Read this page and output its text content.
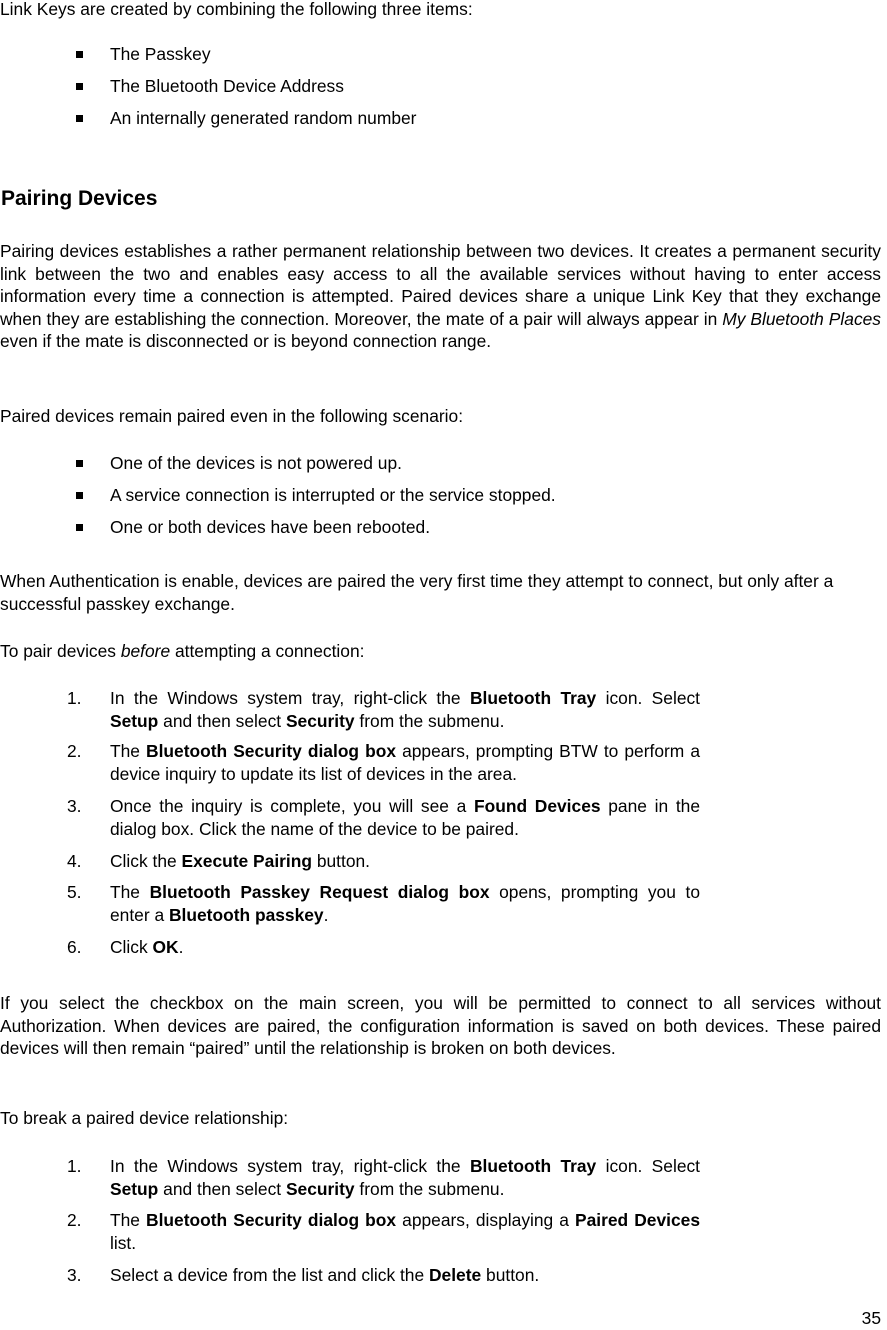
Link Keys are created by combining the following three items:

The Passkey
The Bluetooth Device Address
An internally generated random number
Pairing Devices

Pairing devices establishes a rather permanent relationship between two devices. It creates a permanent security link between the two and enables easy access to all the available services without having to enter access information every time a connection is attempted. Paired devices share a unique Link Key that they exchange when they are establishing the connection. Moreover, the mate of a pair will always appear in My Bluetooth Places even if the mate is disconnected or is beyond connection range.

Paired devices remain paired even in the following scenario:

One of the devices is not powered up.
A service connection is interrupted or the service stopped.
One or both devices have been rebooted.

When Authentication is enable, devices are paired the very first time they attempt to connect, but only after a successful passkey exchange.

To pair devices before attempting a connection:

1. In the Windows system tray, right-click the Bluetooth Tray icon. Select Setup and then select Security from the submenu.
2. The Bluetooth Security dialog box appears, prompting BTW to perform a device inquiry to update its list of devices in the area.
3. Once the inquiry is complete, you will see a Found Devices pane in the dialog box. Click the name of the device to be paired.
4. Click the Execute Pairing button.
5. The Bluetooth Passkey Request dialog box opens, prompting you to enter a Bluetooth passkey.
6. Click OK.

If you select the checkbox on the main screen, you will be permitted to connect to all services without Authorization. When devices are paired, the configuration information is saved on both devices. These paired devices will then remain “paired” until the relationship is broken on both devices.

To break a paired device relationship:

1. In the Windows system tray, right-click the Bluetooth Tray icon. Select Setup and then select Security from the submenu.
2. The Bluetooth Security dialog box appears, displaying a Paired Devices list.
3. Select a device from the list and click the Delete button.
35
